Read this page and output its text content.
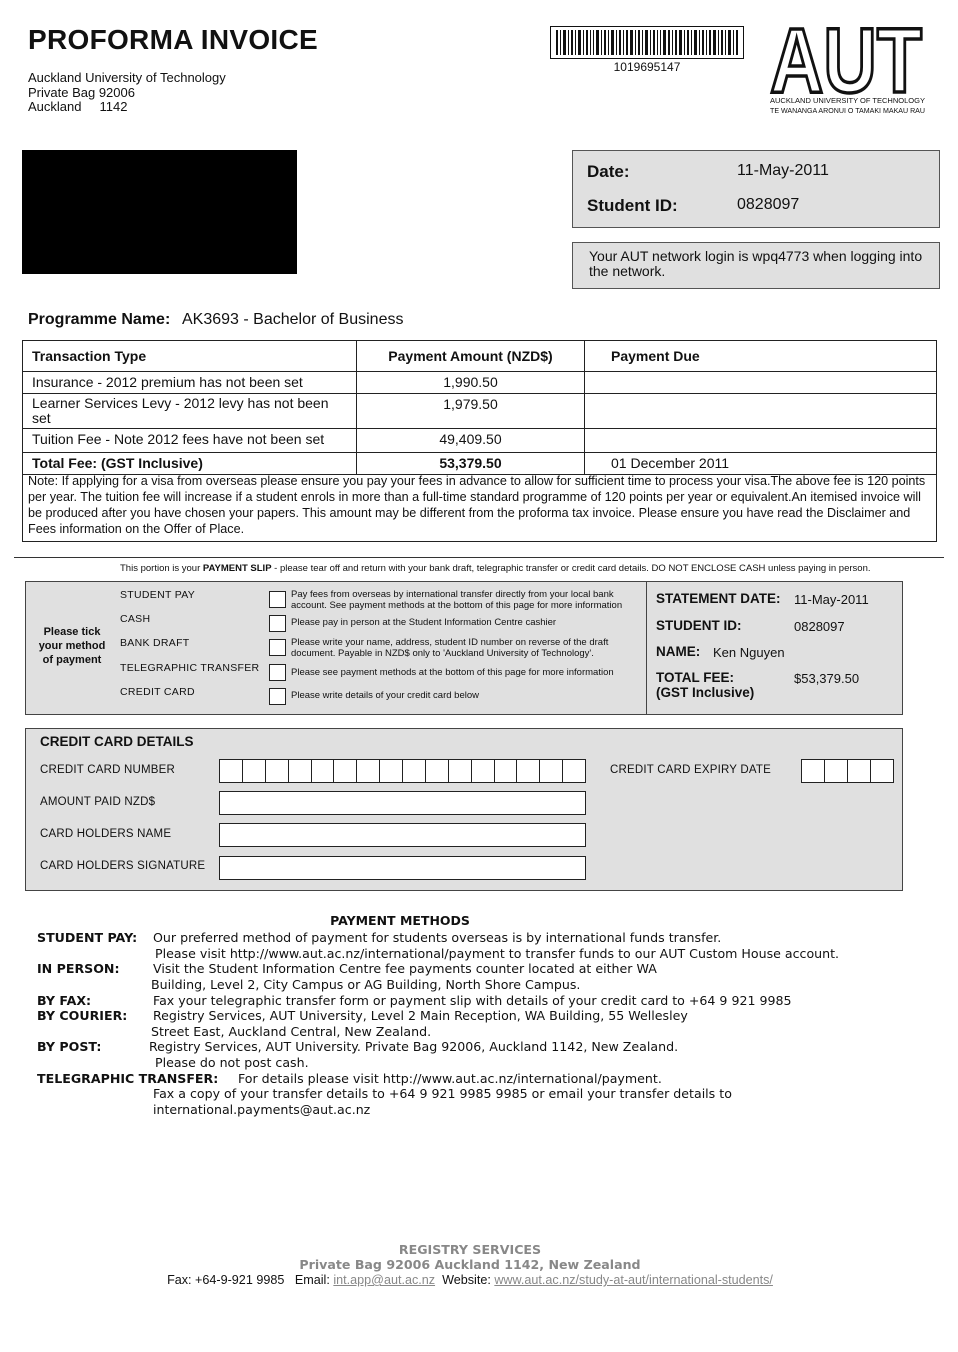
PROFORMA INVOICE
Auckland University of Technology
Private Bag 92006
Auckland     1142
1019695147 AUT
AUCKLAND UNIVERSITY OF TECHNOLOGY
TE WANANGA ARONUI O TAMAKI MAKAU RAU
Date:	11-May-2011
Student ID:	0828097
Your AUT network login is wpq4773 when logging into the network.
Programme Name: AK3693 - Bachelor of Business
Transaction Type	Payment Amount (NZD$)	Payment Due
Insurance - 2012 premium has not been set	1,990.50	
Learner Services Levy - 2012 levy has not been set	1,979.50	
Tuition Fee - Note 2012 fees have not been set	49,409.50	
Total Fee: (GST Inclusive)	53,379.50	01 December 2011
Note: If applying for a visa from overseas please ensure you pay your fees in advance to allow for sufficient time to process your visa.The above fee is 120 points per year. The tuition fee will increase if a student enrols in more than a full-time standard programme of 120 points per year or equivalent.An itemised invoice will be produced after you have chosen your papers. This amount may be different from the proforma tax invoice. Please ensure you have read the Disclaimer and Fees information on the Offer of Place.
This portion is your PAYMENT SLIP - please tear off and return with your bank draft, telegraphic transfer or credit card details. DO NOT ENCLOSE CASH unless paying in person.
Please tick your method of payment
STUDENT PAY	Pay fees from overseas by international transfer directly from your local bank account. See payment methods at the bottom of this page for more information
CASH	Please pay in person at the Student Information Centre cashier
BANK DRAFT	Please write your name, address, student ID number on reverse of the draft document. Payable in NZD$ only to 'Auckland University of Technology'.
TELEGRAPHIC TRANSFER	Please see payment methods at the bottom of this page for more information
CREDIT CARD	Please write details of your credit card below
STATEMENT DATE: 11-May-2011
STUDENT ID:	0828097
NAME: Ken Nguyen
TOTAL FEE:
(GST Inclusive)
$53,379.50
CREDIT CARD DETAILS
CREDIT CARD NUMBER	CREDIT CARD EXPIRY DATE
AMOUNT PAID NZD$
CARD HOLDERS NAME
CARD HOLDERS SIGNATURE
PAYMENT METHODS
STUDENT PAY: Our preferred method of payment for students overseas is by international funds transfer.
Please visit http://www.aut.ac.nz/international/payment to transfer funds to our AUT Custom House account.
IN PERSON:	Visit the Student Information Centre fee payments counter located at either WA
Building, Level 2, City Campus or AG Building, North Shore Campus.
BY FAX:	Fax your telegraphic transfer form or payment slip with details of your credit card to +64 9 921 9985
BY COURIER: Registry Services, AUT University, Level 2 Main Reception, WA Building, 55 Wellesley
Street East, Auckland Central, New Zealand.
BY POST:	Registry Services, AUT University. Private Bag 92006, Auckland 1142, New Zealand.
Please do not post cash.
TELEGRAPHIC TRANSFER: For details please visit http://www.aut.ac.nz/international/payment.
Fax a copy of your transfer details to +64 9 921 9985 9985 or email your transfer details to
international.payments@aut.ac.nz
REGISTRY SERVICES
Private Bag 92006 Auckland 1142, New Zealand
Fax: +64-9-921 9985 Email: int.app@aut.ac.nz Website: www.aut.ac.nz/study-at-aut/international-students/
